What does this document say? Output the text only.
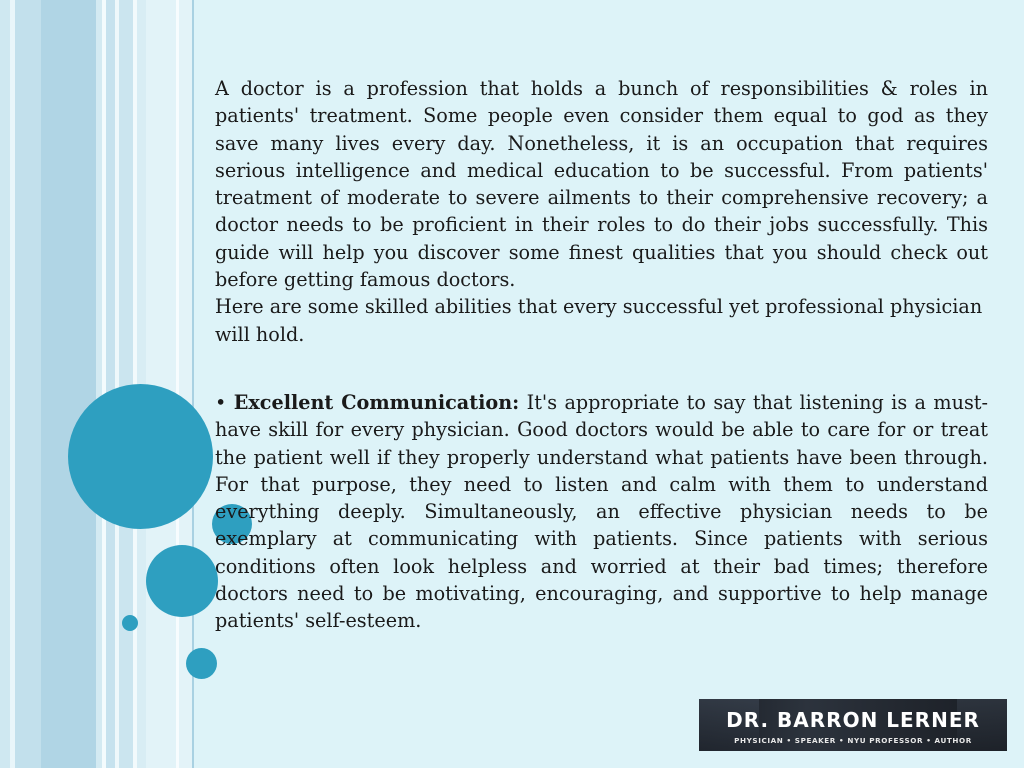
A doctor is a profession that holds a bunch of responsibilities & roles in patients' treatment. Some people even consider them equal to god as they save many lives every day. Nonetheless, it is an occupation that requires serious intelligence and medical education to be successful. From patients' treatment of moderate to severe ailments to their comprehensive recovery; a doctor needs to be proficient in their roles to do their jobs successfully. This guide will help you discover some finest qualities that you should check out before getting famous doctors.

Here are some skilled abilities that every successful yet professional physician will hold.

• Excellent Communication: It's appropriate to say that listening is a must-have skill for every physician. Good doctors would be able to care for or treat the patient well if they properly understand what patients have been through. For that purpose, they need to listen and calm with them to understand everything deeply. Simultaneously, an effective physician needs to be exemplary at communicating with patients. Since patients with serious conditions often look helpless and worried at their bad times; therefore doctors need to be motivating, encouraging, and supportive to help manage patients' self-esteem.

DR. BARRON LERNER
PHYSICIAN • SPEAKER • NYU PROFESSOR • AUTHOR
